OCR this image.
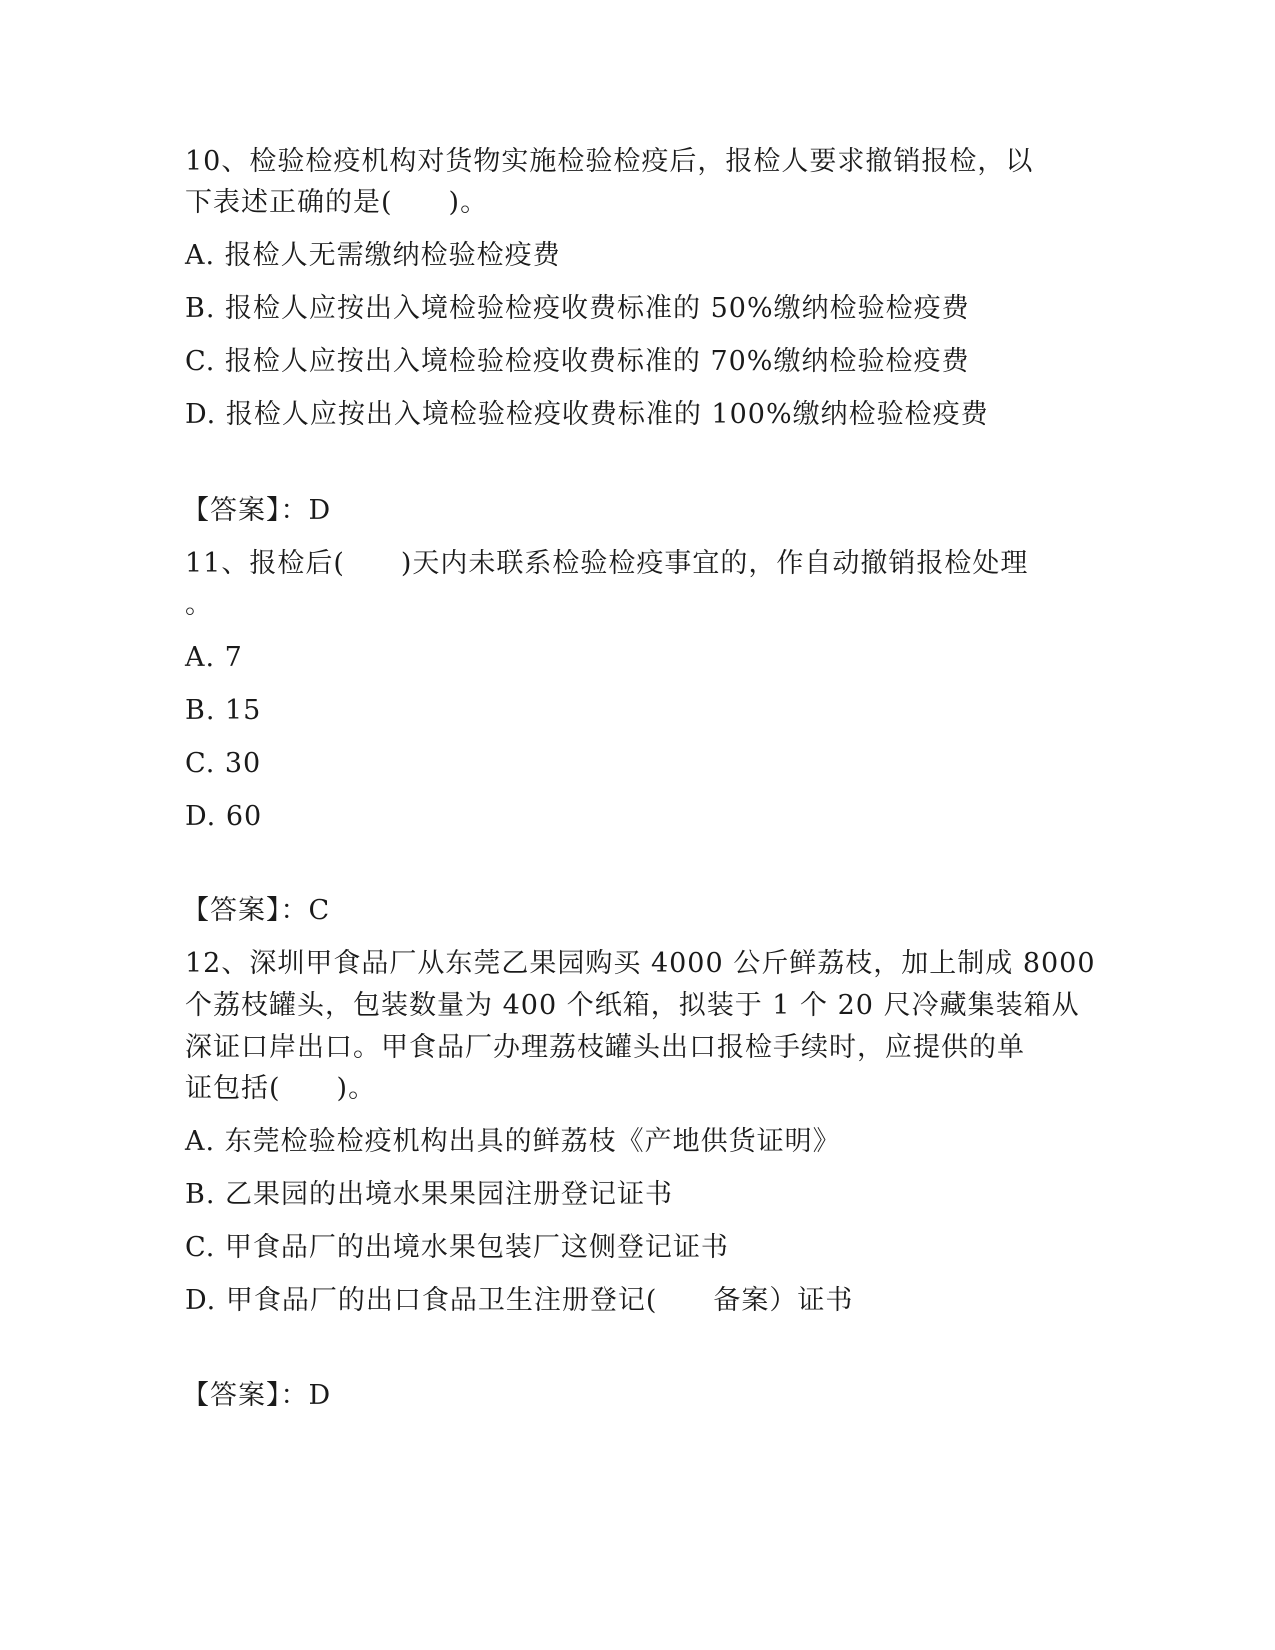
10、检验检疫机构对货物实施检验检疫后，报检人要求撤销报检，以
下表述正确的是(　　)。
A. 报检人无需缴纳检验检疫费
B. 报检人应按出入境检验检疫收费标准的 50%缴纳检验检疫费
C. 报检人应按出入境检验检疫收费标准的 70%缴纳检验检疫费
D. 报检人应按出入境检验检疫收费标准的 100%缴纳检验检疫费
【答案】：D
11、报检后(　　)天内未联系检验检疫事宜的，作自动撤销报检处理
。
A. 7
B. 15
C. 30
D. 60
【答案】：C
12、深圳甲食品厂从东莞乙果园购买 4000 公斤鲜荔枝，加上制成 8000
个荔枝罐头，包装数量为 400 个纸箱，拟装于 1 个 20 尺冷藏集装箱从
深证口岸出口。甲食品厂办理荔枝罐头出口报检手续时，应提供的单
证包括(　　)。
A. 东莞检验检疫机构出具的鲜荔枝《产地供货证明》
B. 乙果园的出境水果果园注册登记证书
C. 甲食品厂的出境水果包装厂这侧登记证书
D. 甲食品厂的出口食品卫生注册登记(　　备案）证书
【答案】：D
